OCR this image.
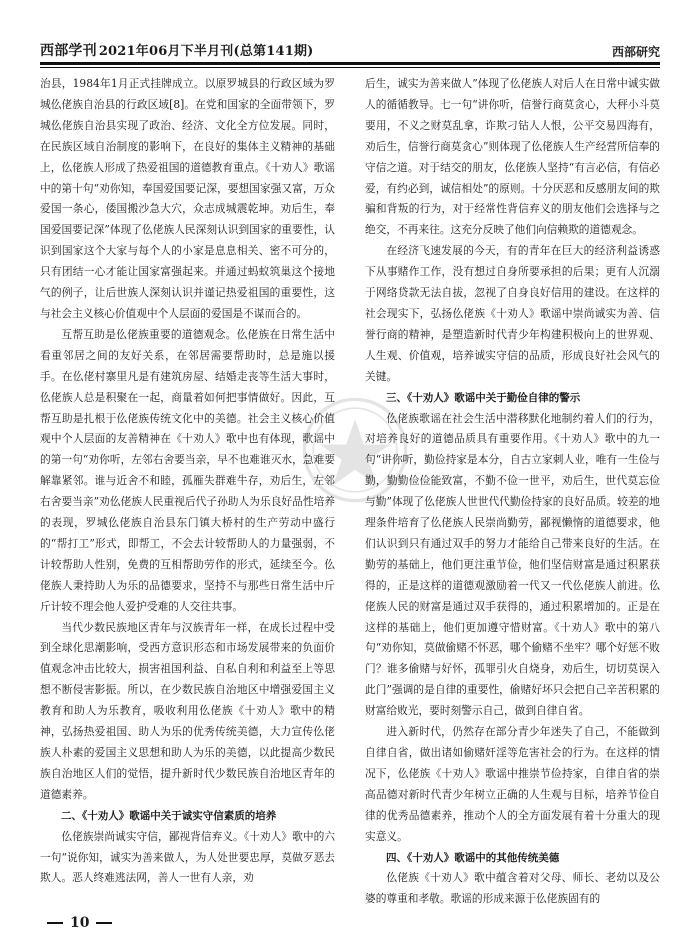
西部学刊 2021年06月下半月刊(总第141期)	西部研究

治县，1984年1月正式挂牌成立。以原罗城县的行政区域为罗城仫佬族自治县的行政区域[8]。在党和国家的全面带领下，罗城仫佬族自治县实现了政治、经济、文化全方位发展。同时，在民族区域自治制度的影响下，在良好的集体主义精神的基础上，仫佬族人形成了热爱祖国的道德教育重点。《十劝人》歌谣中的第十句“劝你知，奉国爱国要记深，要想国家强又富，万众爱国一条心，倭国搬沙急大穴，众志成城震乾坤。劝后生，奉国爱国要记深”体现了仫佬族人民深刻认识到国家的重要性，认识到国家这个大家与每个人的小家是息息相关、密不可分的，只有团结一心才能让国家富强起来。并通过蚂蚁筑巢这个接地气的例子，让后世族人深刻认识并谨记热爱祖国的重要性，这与社会主义核心价值观中个人层面的爱国是不谋而合的。

互帮互助是仫佬族重要的道德观念。仫佬族在日常生活中看重邻居之间的友好关系，在邻居需要帮助时，总是施以援手。在仫佬村寨里凡是有建筑房屋、结婚走丧等生活大事时，仫佬族人总是积聚在一起，商量着如何把事情做好。因此，互帮互助是扎根于仫佬族传统文化中的美德。社会主义核心价值观中个人层面的友善精神在《十劝人》歌中也有体现，歌谣中的第一句“劝你听，左邻右舍要当亲，早不也难谁灭水，急难要解靠紧邻。谁与近舍不和睦，孤雁失群难牛存，劝后生，左邻右舍要当亲”劝仫佬族人民重视后代子孙助人为乐良好品性培养的表现，罗城仫佬族自治县东门镇大桥村的生产劳动中盛行的“帮打工”形式，即帮工，不会去计较帮助人的力量强弱，不计较帮助人性别，免费的互相帮助劳作的形式，延续至今。仫佬族人秉持助人为乐的品德要求，坚持不与那些日常生活中斤斤计较不理会他人爱护受难的人交往共事。

当代少数民族地区青年与汉族青年一样，在成长过程中受到全球化思潮影响，受西方意识形态和市场发展带来的负面价值观念冲击比较大，损害祖国利益、自私自利和利益至上等思想不断侵害影振。所以，在少数民族自治地区中增强爱国主义教育和助人为乐教育，吸收利用仫佬族《十劝人》歌中的精神，弘扬热爱祖国、助人为乐的优秀传统美德，大力宣传仫佬族人朴素的爱国主义思想和助人为乐的美德，以此提高少数民族自治地区人们的觉悟，提升新时代少数民族自治地区青年的道德素养。

二、《十劝人》歌谣中关于诚实守信素质的培养

仫佬族崇尚诚实守信，鄙视背信弃义。《十劝人》歌中的六一句“说你知，诚实为善来做人，为人处世要忠厚，莫做歹恶去欺人。恶人终难逃法网，善人一世有人亲，劝

后生，诚实为善来做人”体现了仫佬族人对后人在日常中诚实做人的循循教导。七一句“讲你听，信誉行商莫贪心，大秤小斗莫要用，不义之财莫乱拿，诈欺刁钻人人恨，公平交易四海有，劝后生，信誉行商莫贪心”则体现了仫佬族人生产经营所信奉的守信之道。对于结交的朋友，仫佬族人坚持“有言必信，有信必爱，有约必到，诚信相处”的原则。十分厌恶和反感朋友间的欺骗和背叛的行为，对于经常性背信弃义的朋友他们会选择与之绝交，不再来往。这充分反映了他们向信赖欺的道德观念。

在经济飞速发展的今天，有的青年在巨大的经济利益诱惑下从事赌作工作，没有想过自身所要承担的后果；更有人沉溺于网络贷款无法自拔，忽视了自身良好信用的建设。在这样的社会现实下，弘扬仫佬族《十劝人》歌谣中崇尚诚实为善、信誉行商的精神，是塑造新时代青少年构建积极向上的世界观、人生观、价值观，培养诚实守信的品质，形成良好社会风气的关键。

三、《十劝人》歌谣中关于勤俭自律的警示

仫佬族歌谣在社会生活中潜移默化地制约着人们的行为，对培养良好的道德品质具有重要作用。《十劝人》歌中的九一句“讲你听，勤俭持家是本分，自古立家刺人业，唯有一生俭与勤，勤勤俭俭能致富，不勤不俭一世平，劝后生，世代莫忘俭与勤”体现了仫佬族人世世代代勤俭持家的良好品质。较差的地理条件培育了仫佬族人民崇尚勤劳，鄙视懒惰的道德要求，他们认识到只有通过双手的努力才能给自己带来良好的生活。在勤劳的基础上，他们更注重节俭，他们坚信财富是通过积累获得的，正是这样的道德观激励着一代又一代仫佬族人前进。仫佬族人民的财富是通过双手获得的，通过积累增加的。正是在这样的基础上，他们更加遵守惜财富。《十劝人》歌中的第八句“劝你知，莫做偷赌不怀恶，哪个偷赌不坐牢？哪个好惩不败门？谁多偷赌与好怀，孤罪引火自烧身，劝后生，切切莫误入此门”强调的是自律的重要性，偷赌好坏只会把自己辛苦积累的财富给败光，要时刻警示自己，做到自律自省。

进入新时代，仍然存在部分青少年迷失了自己，不能做到自律自省，做出诸如偷赌奸淫等危害社会的行为。在这样的情况下，仫佬族《十劝人》歌谣中推崇节俭持家，自律自省的崇高品德对新时代青少年树立正确的人生观与目标，培养节俭自律的优秀品德素养，推动个人的全方面发展有着十分重大的现实意义。

四、《十劝人》歌谣中的其他传统美德

仫佬族《十劝人》歌中蕴含着对父母、师长、老幼以及公婆的尊重和孝敬。歌谣的形成来源于仫佬族固有的

10
